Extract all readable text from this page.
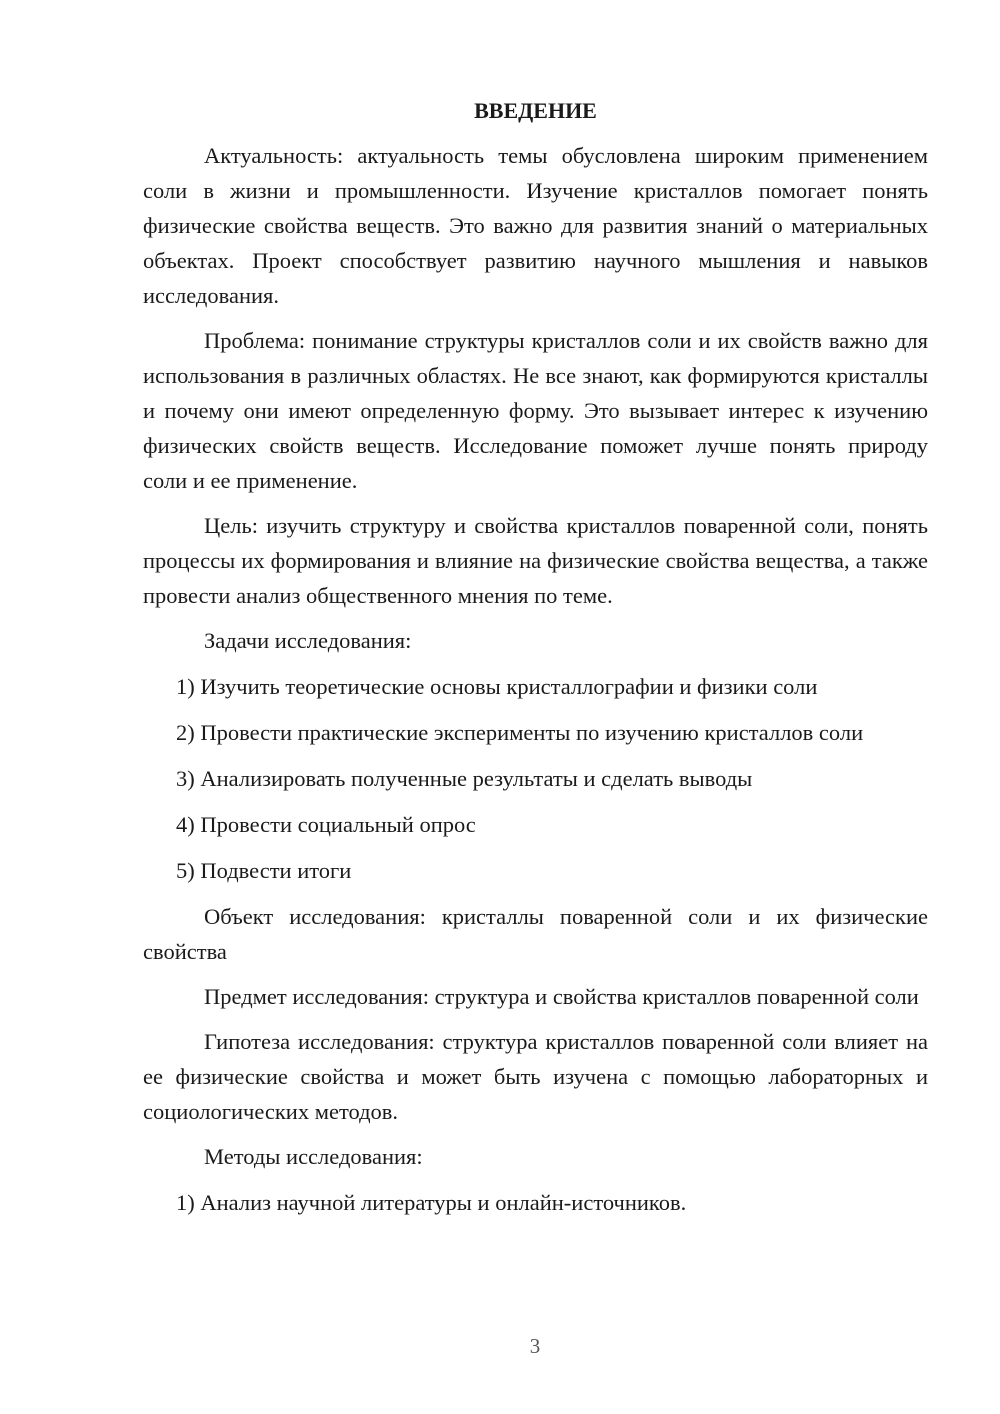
ВВЕДЕНИЕ

Актуальность: актуальность темы обусловлена широким применением соли в жизни и промышленности. Изучение кристаллов помогает понять физические свойства веществ. Это важно для развития знаний о материальных объектах. Проект способствует развитию научного мышления и навыков исследования.

Проблема: понимание структуры кристаллов соли и их свойств важно для использования в различных областях. Не все знают, как формируются кристаллы и почему они имеют определенную форму. Это вызывает интерес к изучению физических свойств веществ. Исследование поможет лучше понять природу соли и ее применение.

Цель: изучить структуру и свойства кристаллов поваренной соли, понять процессы их формирования и влияние на физические свойства вещества, а также провести анализ общественного мнения по теме.

Задачи исследования:

1) Изучить теоретические основы кристаллографии и физики соли

2) Провести практические эксперименты по изучению кристаллов соли

3) Анализировать полученные результаты и сделать выводы

4) Провести социальный опрос

5) Подвести итоги

Объект исследования: кристаллы поваренной соли и их физические свойства

Предмет исследования: структура и свойства кристаллов поваренной соли

Гипотеза исследования: структура кристаллов поваренной соли влияет на ее физические свойства и может быть изучена с помощью лабораторных и социологических методов.

Методы исследования:

1) Анализ научной литературы и онлайн-источников.

3
